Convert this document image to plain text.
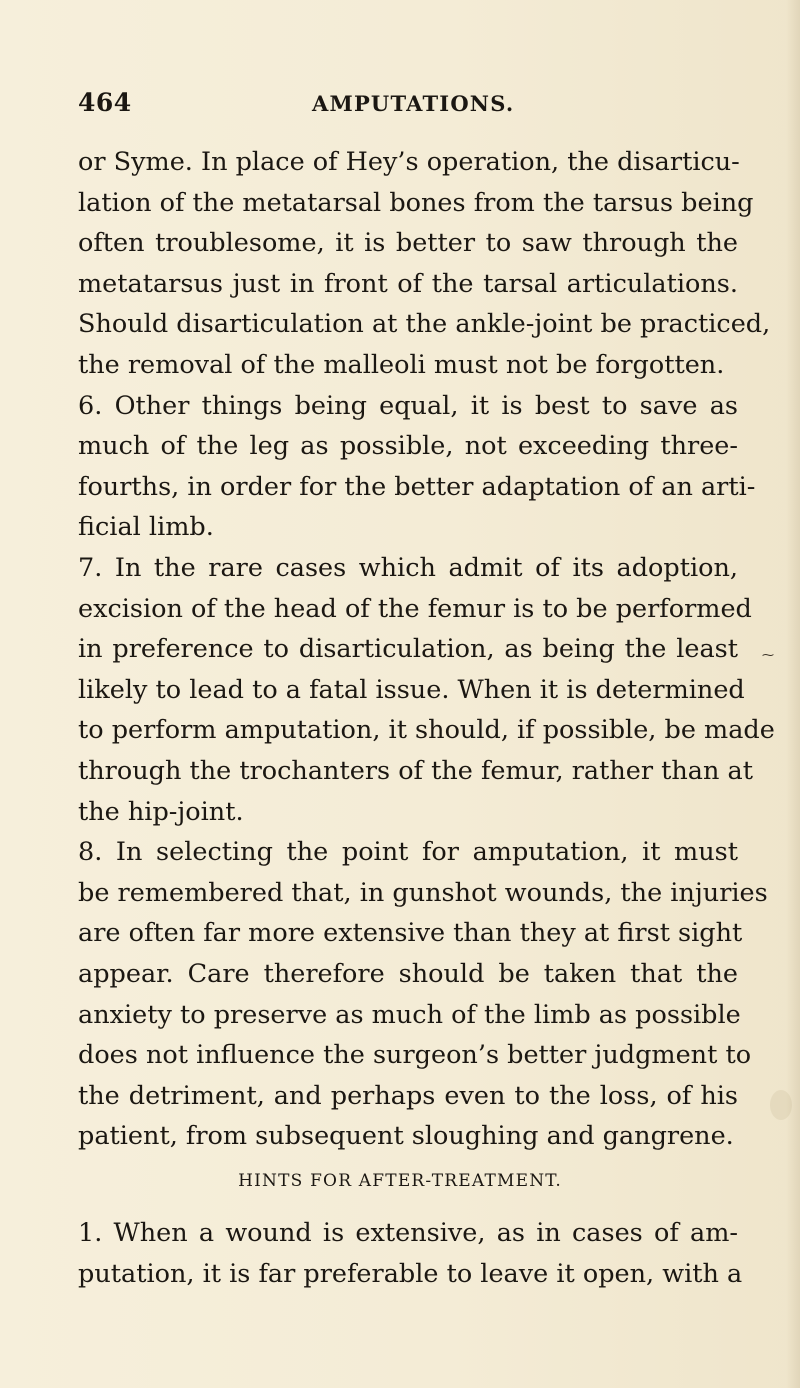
464	AMPUTATIONS.
or Syme. In place of Hey’s operation, the disarticu-
lation of the metatarsal bones from the tarsus being
often troublesome, it is better to saw through the
metatarsus just in front of the tarsal articulations.
Should disarticulation at the ankle-joint be practiced,
the removal of the malleoli must not be forgotten.
6. Other things being equal, it is best to save as
much of the leg as possible, not exceeding three-
fourths, in order for the better adaptation of an arti-
ficial limb.
7. In the rare cases which admit of its adoption,
excision of the head of the femur is to be performed
in preference to disarticulation, as being the least
likely to lead to a fatal issue. When it is determined
to perform amputation, it should, if possible, be made
through the trochanters of the femur, rather than at
the hip-joint.
8. In selecting the point for amputation, it must
be remembered that, in gunshot wounds, the injuries
are often far more extensive than they at first sight
appear. Care therefore should be taken that the
anxiety to preserve as much of the limb as possible
does not influence the surgeon’s better judgment to
the detriment, and perhaps even to the loss, of his
patient, from subsequent sloughing and gangrene.
HINTS FOR AFTER-TREATMENT.
1. When a wound is extensive, as in cases of am-
putation, it is far preferable to leave it open, with a
⁓
